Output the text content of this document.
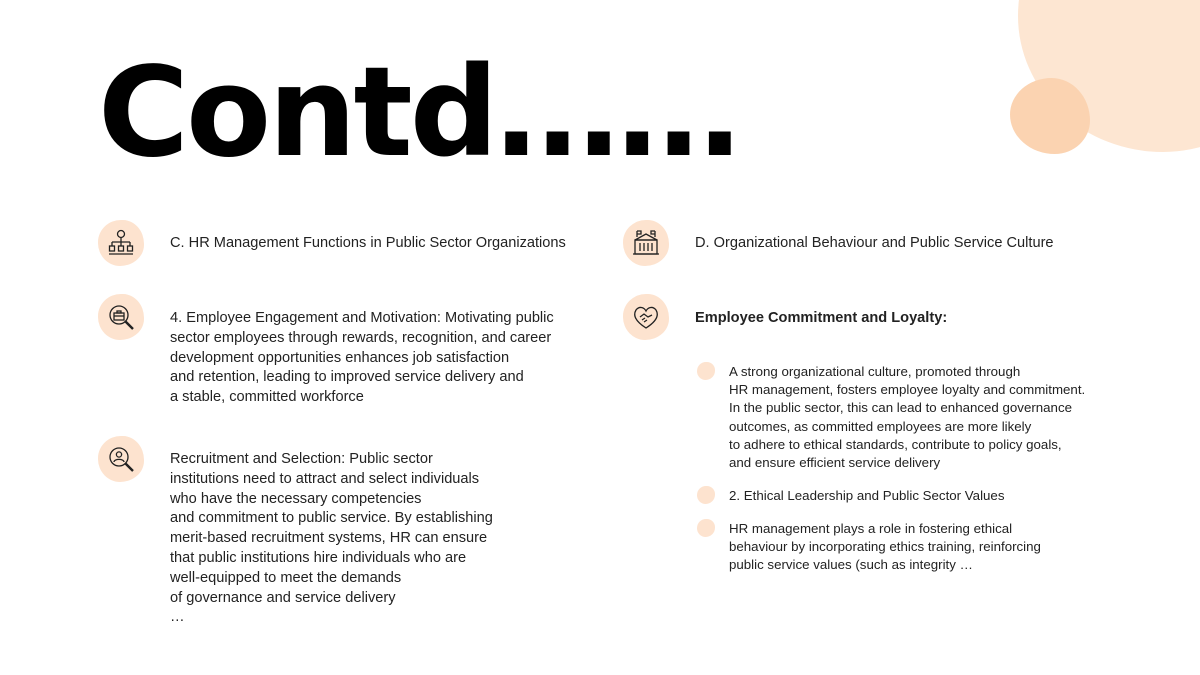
Contd……

C. HR Management Functions in Public Sector Organizations

4. Employee Engagement and Motivation: Motivating public
sector employees through rewards, recognition, and career
development opportunities enhances job satisfaction
and retention, leading to improved service delivery and
a stable, committed workforce

Recruitment and Selection: Public sector
institutions need to attract and select individuals
who have the necessary competencies
and commitment to public service. By establishing
merit-based recruitment systems, HR can ensure
that public institutions hire individuals who are
well-equipped to meet the demands
of governance and service delivery
…

D. Organizational Behaviour and Public Service Culture

Employee Commitment and Loyalty:

A strong organizational culture, promoted through
HR management, fosters employee loyalty and commitment.
In the public sector, this can lead to enhanced governance
outcomes, as committed employees are more likely
to adhere to ethical standards, contribute to policy goals,
and ensure efficient service delivery

2. Ethical Leadership and Public Sector Values

HR management plays a role in fostering ethical
behaviour by incorporating ethics training, reinforcing
public service values (such as integrity …
